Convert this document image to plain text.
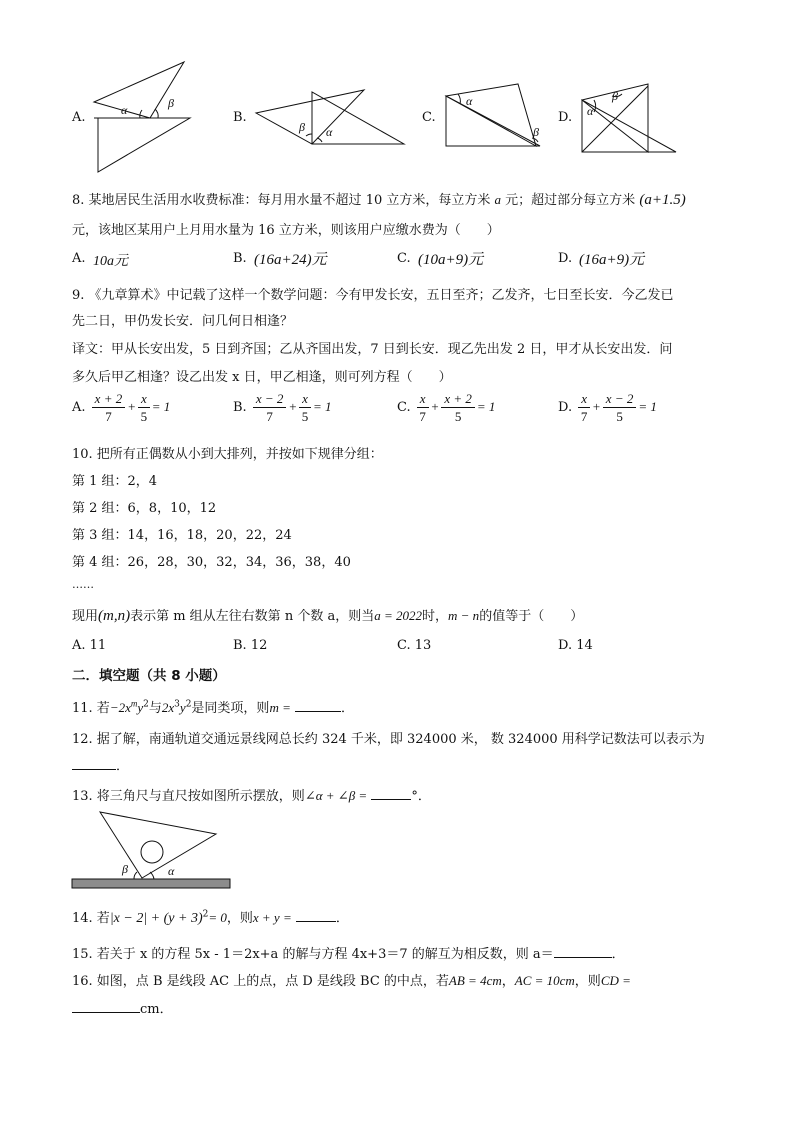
A.	α	β
B.
β α
C.
α
β
D. α
β
8. 某地居民生活用水收费标准：每月用水量不超过 10 立方米，每立方米 a 元；超过部分每立方米 (a+1.5)
元，该地区某用户上月用水量为 16 立方米，则该用户应缴水费为（　　）
A. 10a元	B. (16a+24)元	C. (10a+9)元	D. (16a+9)元
9. 《九章算术》中记载了这样一个数学问题：今有甲发长安，五日至齐；乙发齐，七日至长安．今乙发已
先二日，甲仍发长安．问几何日相逢？
译文：甲从长安出发，5 日到齐国；乙从齐国出发，7 日到长安．现乙先出发 2 日，甲才从长安出发．问
多久后甲乙相逢？设乙出发 x 日，甲乙相逢，则可列方程（　　）
A. $\frac{x + 2}{7} + \frac{x}{5} = 1$	B. $\frac{x - 2}{7} + \frac{x}{5} = 1$	C. $\frac{x}{7} + \frac{x + 2}{5} = 1$	D. $\frac{x}{7} + \frac{x - 2}{5} = 1$
10. 把所有正偶数从小到大排列，并按如下规律分组：
第 1 组：2，4
第 2 组：6，8，10，12
第 3 组：14，16，18，20，22，24
第 4 组：26，28，30，32，34，36，38，40
……
现用(m,n)表示第 m 组从左往右数第 n 个数 a，则当a = 2022时，m − n的值等于（　　）
A. 11	B. 12	C. 13	D. 14
二．填空题（共 8 小题）
11. 若$-2x^my^2$与$2x^3y^2$是同类项，则m =	．
12. 据了解，南通轨道交通远景线网总长约 324 千米，即 324000 米， 数 324000 用科学记数法可以表示为
．
13. 将三角尺与直尺按如图所示摆放，则∠α + ∠β =	°．
β	α
14. 若$|x - 2| + (y + 3)^2= 0$，则x + y =	．
15. 若关于 x 的方程 5x - 1＝2x+a 的解与方程 4x+3＝7 的解互为相反数，则 a＝	．
16. 如图，点 B 是线段 AC 上的点，点 D 是线段 BC 的中点，若AB = 4cm，AC = 10cm，则CD =
cm．
